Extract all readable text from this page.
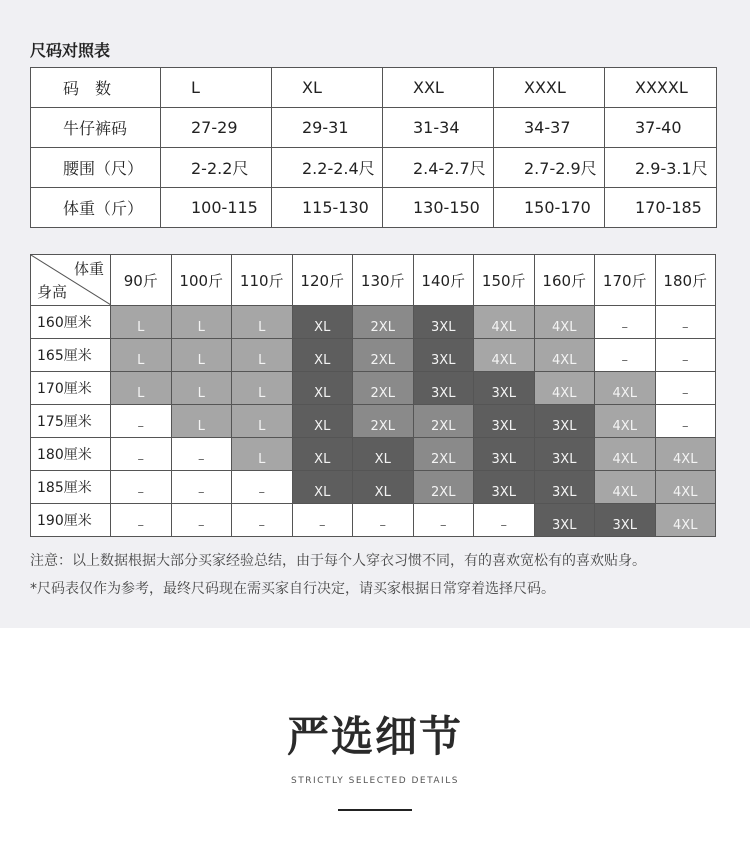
尺码对照表
码　数	L	XL	XXL	XXXL	XXXXL
牛仔裤码	27-29	29-31	31-34	34-37	37-40
腰围（尺）	2-2.2尺	2.2-2.4尺	2.4-2.7尺	2.7-2.9尺	2.9-3.1尺
体重（斤）	100-115	115-130	130-150	150-170	170-185
体重
身高	90斤	100斤	110斤	120斤	130斤	140斤	150斤	160斤	170斤	180斤
160厘米	L	L	L	XL	2XL	3XL	4XL	4XL	–	–
165厘米	L	L	L	XL	2XL	3XL	4XL	4XL	–	–
170厘米	L	L	L	XL	2XL	3XL	3XL	4XL	4XL	–
175厘米	–	L	L	XL	2XL	2XL	3XL	3XL	4XL	–
180厘米	–	–	L	XL	XL	2XL	3XL	3XL	4XL	4XL
185厘米	–	–	–	XL	XL	2XL	3XL	3XL	4XL	4XL
190厘米	–	–	–	–	–	–	–	3XL	3XL	4XL

注意：以上数据根据大部分买家经验总结，由于每个人穿衣习惯不同，有的喜欢宽松有的喜欢贴身。

*尺码表仅作为参考，最终尺码现在需买家自行决定，请买家根据日常穿着选择尺码。

严选细节
STRICTLY SELECTED DETAILS
